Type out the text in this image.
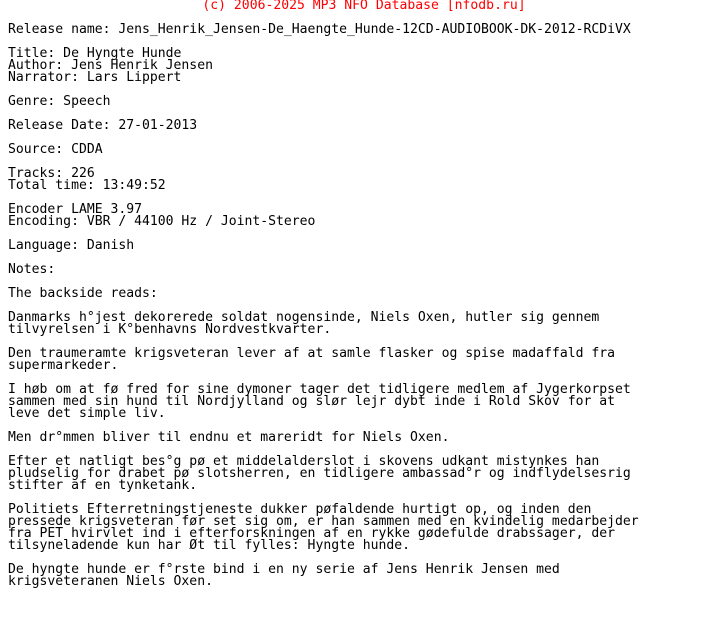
(c) 2006-2025 MP3 NFO Database [nfodb.ru]
Release name: Jens_Henrik_Jensen-De_Haengte_Hunde-12CD-AUDIOBOOK-DK-2012-RCDiVX
Title: De Hyngte Hunde
Author: Jens Henrik Jensen
Narrator: Lars Lippert
Genre: Speech
Release Date: 27-01-2013
Source: CDDA
Tracks: 226
Total time: 13:49:52
Encoder LAME 3.97
Encoding: VBR / 44100 Hz / Joint-Stereo
Language: Danish
Notes:
The backside reads:
Danmarks h°jest dekorerede soldat nogensinde, Niels Oxen, hutler sig gennem
tilvyrelsen i K°benhavns Nordvestkvarter.
Den traumeramte krigsveteran lever af at samle flasker og spise madaffald fra
supermarkeder.
I høb om at fø fred for sine dymoner tager det tidligere medlem af Jygerkorpset
sammen med sin hund til Nordjylland og slør lejr dybt inde i Rold Skov for at
leve det simple liv.
Men dr°mmen bliver til endnu et mareridt for Niels Oxen.
Efter et natligt bes°g pø et middelalderslot i skovens udkant mistynkes han
pludselig for drabet pø slotsherren, en tidligere ambassad°r og indflydelsesrig
stifter af en tynketank.
Politiets Efterretningstjeneste dukker pøfaldende hurtigt op, og inden den
pressede krigsveteran før set sig om, er han sammen med en kvindelig medarbejder
fra PET hvirvlet ind i efterforskningen af en rykke gødefulde drabssager, der
tilsyneladende kun har Øt til fylles: Hyngte hunde.
De hyngte hunde er f°rste bind i en ny serie af Jens Henrik Jensen med
krigsveteranen Niels Oxen.
